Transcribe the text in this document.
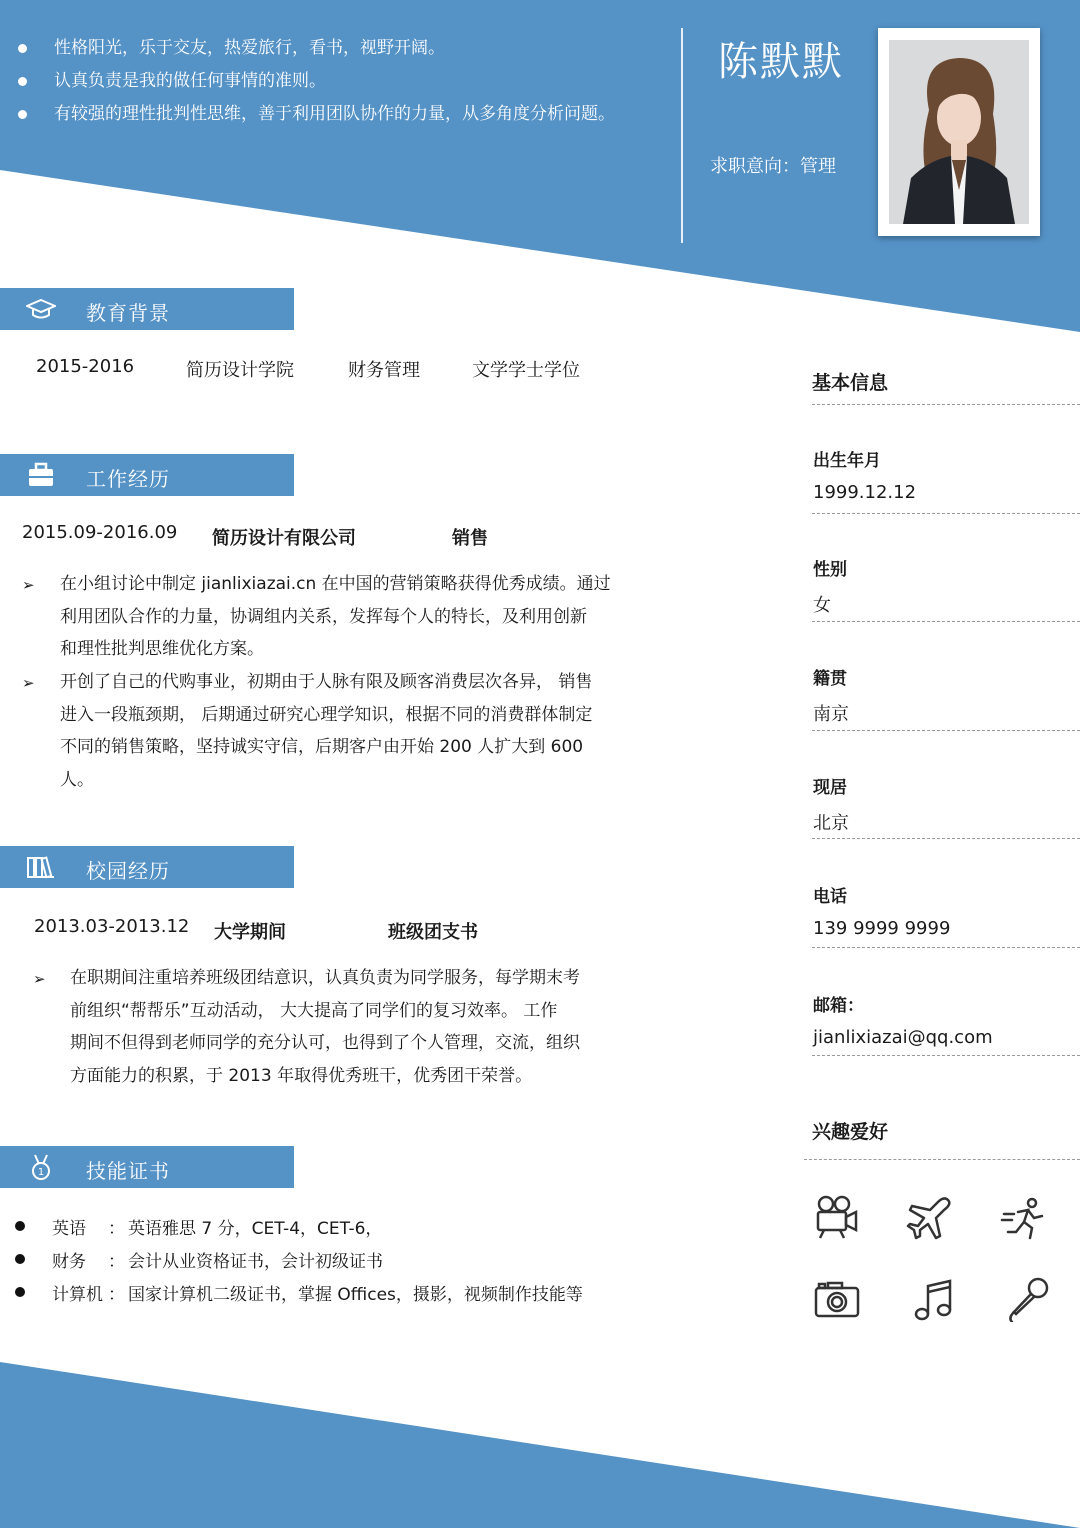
性格阳光，乐于交友，热爱旅行，看书，视野开阔。
认真负责是我的做任何事情的准则。
有较强的理性批判性思维，善于利用团队协作的力量，从多角度分析问题。
陈默默
求职意向：管理
教育背景
2015-2016	简历设计学院	财务管理	文学学士学位
工作经历
2015.09-2016.09 简历设计有限公司	销售
➢ 在小组讨论中制定 jianlixiazai.cn 在中国的营销策略获得优秀成绩。通过
利用团队合作的力量，协调组内关系，发挥每个人的特长，及利用创新
和理性批判思维优化方案。
➢ 开创了自己的代购事业，初期由于人脉有限及顾客消费层次各异， 销售
进入一段瓶颈期， 后期通过研究心理学知识，根据不同的消费群体制定
不同的销售策略，坚持诚实守信，后期客户由开始 200 人扩大到 600
人。
校园经历
2013.03-2013.12 大学期间	班级团支书
➢ 在职期间注重培养班级团结意识，认真负责为同学服务，每学期末考
前组织“帮帮乐”互动活动， 大大提高了同学们的复习效率。 工作
期间不但得到老师同学的充分认可，也得到了个人管理，交流，组织
方面能力的积累，于 2013 年取得优秀班干，优秀团干荣誉。
1 技能证书
英语 ： 英语雅思 7 分，CET-4，CET-6，
财务 ： 会计从业资格证书，会计初级证书
计算机 ： 国家计算机二级证书，掌握 Offices，摄影，视频制作技能等
基本信息
出生年月
1999.12.12
性别
女
籍贯
南京
现居
北京
电话
139 9999 9999
邮箱：
jianlixiazai@qq.com
兴趣爱好
